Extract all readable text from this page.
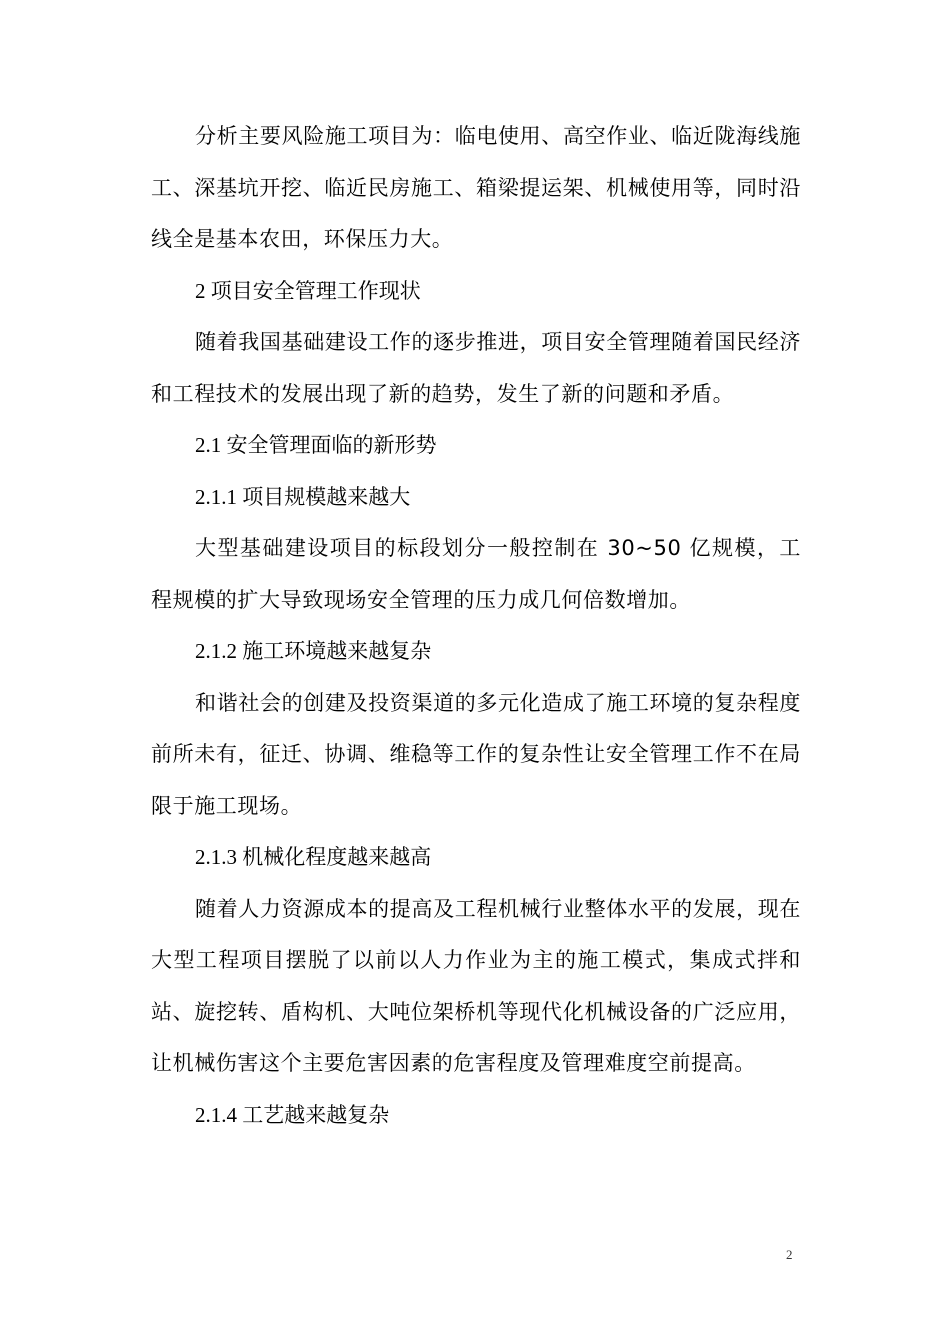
分析主要风险施工项目为：临电使用、高空作业、临近陇海线施工、深基坑开挖、临近民房施工、箱梁提运架、机械使用等，同时沿线全是基本农田，环保压力大。

2 项目安全管理工作现状

随着我国基础建设工作的逐步推进，项目安全管理随着国民经济和工程技术的发展出现了新的趋势，发生了新的问题和矛盾。

2.1 安全管理面临的新形势

2.1.1 项目规模越来越大

大型基础建设项目的标段划分一般控制在 30~50 亿规模，工程规模的扩大导致现场安全管理的压力成几何倍数增加。

2.1.2 施工环境越来越复杂

和谐社会的创建及投资渠道的多元化造成了施工环境的复杂程度前所未有，征迁、协调、维稳等工作的复杂性让安全管理工作不在局限于施工现场。

2.1.3 机械化程度越来越高

随着人力资源成本的提高及工程机械行业整体水平的发展，现在大型工程项目摆脱了以前以人力作业为主的施工模式，集成式拌和站、旋挖转、盾构机、大吨位架桥机等现代化机械设备的广泛应用，让机械伤害这个主要危害因素的危害程度及管理难度空前提高。

2.1.4 工艺越来越复杂

2
